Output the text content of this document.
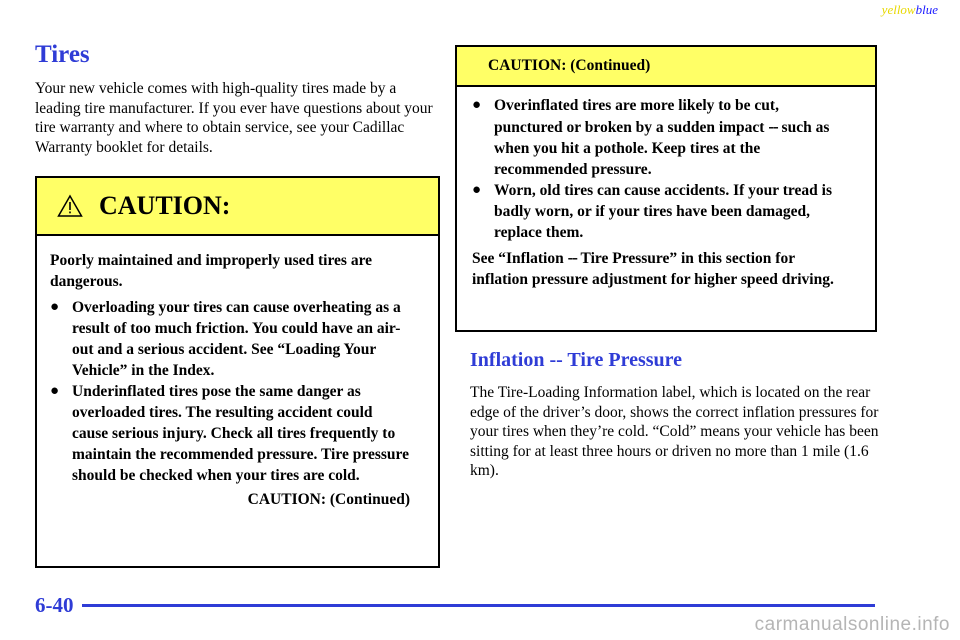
yellowblue
Tires

Your new vehicle comes with high-quality tires made by a leading tire manufacturer. If you ever have questions about your tire warranty and where to obtain service, see your Cadillac Warranty booklet for details.

CAUTION:

Poorly maintained and improperly used tires are dangerous.

● Overloading your tires can cause overheating as a result of too much friction. You could have an air-out and a serious accident. See “Loading Your Vehicle” in the Index.
● Underinflated tires pose the same danger as overloaded tires. The resulting accident could cause serious injury. Check all tires frequently to maintain the recommended pressure. Tire pressure should be checked when your tires are cold.

CAUTION: (Continued)

CAUTION: (Continued)
● Overinflated tires are more likely to be cut, punctured or broken by a sudden impact -- such as when you hit a pothole. Keep tires at the recommended pressure.
● Worn, old tires can cause accidents. If your tread is badly worn, or if your tires have been damaged, replace them.

See “Inflation -- Tire Pressure” in this section for inflation pressure adjustment for higher speed driving.

Inflation -- Tire Pressure

The Tire-Loading Information label, which is located on the rear edge of the driver’s door, shows the correct inflation pressures for your tires when they’re cold. “Cold” means your vehicle has been sitting for at least three hours or driven no more than 1 mile (1.6 km).

6-40
carmanualsonline.info
